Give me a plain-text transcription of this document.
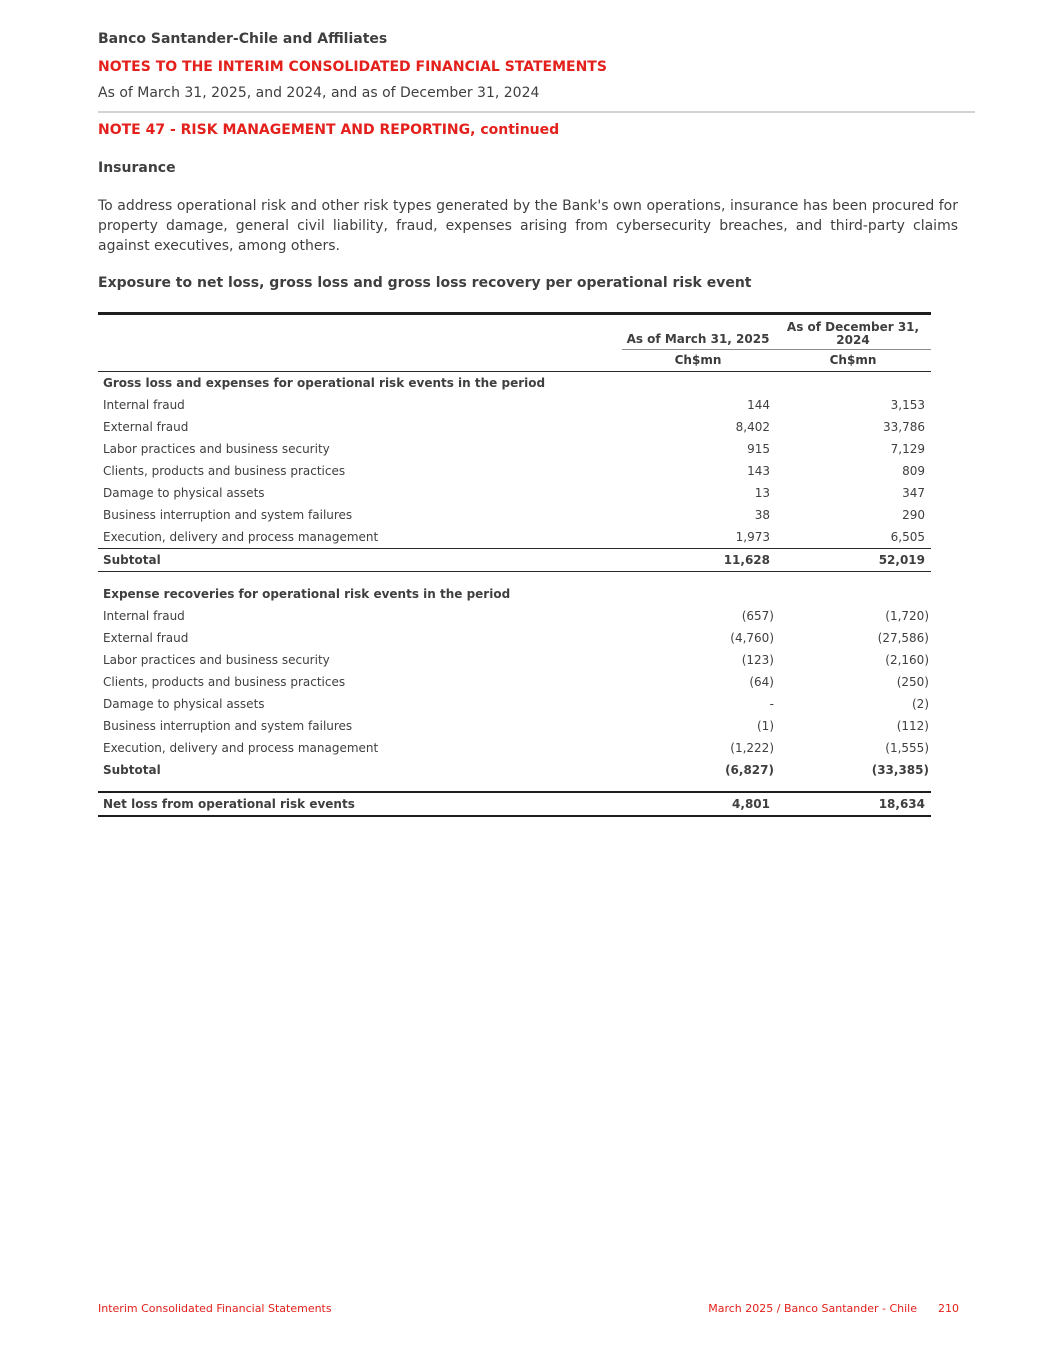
Banco Santander-Chile and Affiliates
NOTES TO THE INTERIM CONSOLIDATED FINANCIAL STATEMENTS
As of March 31, 2025, and 2024, and as of December 31, 2024
NOTE 47 - RISK MANAGEMENT AND REPORTING, continued
Insurance
To address operational risk and other risk types generated by the Bank's own operations, insurance has been procured for property damage, general civil liability, fraud, expenses arising from cybersecurity breaches, and third-party claims against executives, among others.
Exposure to net loss, gross loss and gross loss recovery per operational risk event
As of March 31, 2025
As of December 31, 2024
Ch$mn	Ch$mn
Gross loss and expenses for operational risk events in the period
Internal fraud	144	3,153
External fraud	8,402	33,786
Labor practices and business security	915	7,129
Clients, products and business practices	143	809
Damage to physical assets	13	347
Business interruption and system failures	38	290
Execution, delivery and process management	1,973	6,505
Subtotal	11,628	52,019
Expense recoveries for operational risk events in the period
Internal fraud	(657)	(1,720)
External fraud	(4,760)	(27,586)
Labor practices and business security	(123)	(2,160)
Clients, products and business practices	(64)	(250)
Damage to physical assets	-	(2)
Business interruption and system failures	(1)	(112)
Execution, delivery and process management	(1,222)	(1,555)
Subtotal	(6,827)	(33,385)
Net loss from operational risk events	4,801	18,634
Interim Consolidated Financial Statements	March 2025 / Banco Santander - Chile 210
